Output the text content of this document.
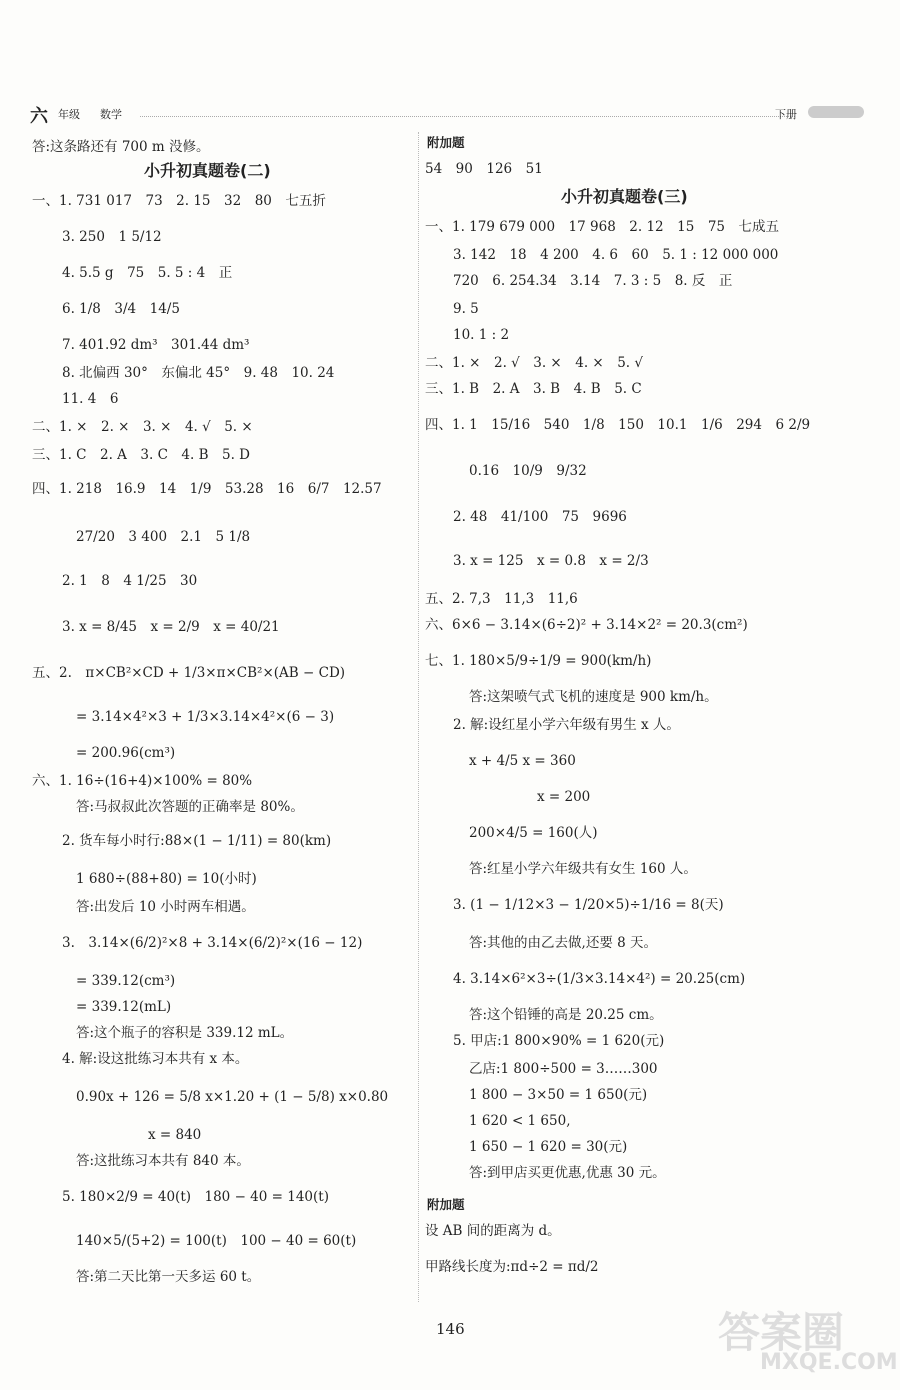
六 年级 数学	下册
答:这条路还有 700 m 没修。
小升初真题卷(二)
一、1. 731 017　73　2. 15　32　80　七五折
3. 250　1 5/12
4. 5.5 g　75　5. 5 : 4　正
6. 1/8　3/4　14/5
7. 401.92 dm³　301.44 dm³
8. 北偏西 30°　东偏北 45°　9. 48　10. 24
11. 4　6
二、1. ×　2. ×　3. ×　4. √　5. ×
三、1. C　2. A　3. C　4. B　5. D
四、1. 218　16.9　14　1/9　53.28　16　6/7　12.57
27/20　3 400　2.1　5 1/8
2. 1　8　4 1/25　30
3. x = 8/45　x = 2/9　x = 40/21
五、2.　π×CB²×CD + 1/3×π×CB²×(AB − CD)
= 3.14×4²×3 + 1/3×3.14×4²×(6 − 3)
= 200.96(cm³)
六、1. 16÷(16+4)×100% = 80%
答:马叔叔此次答题的正确率是 80%。
2. 货车每小时行:88×(1 − 1/11) = 80(km)
1 680÷(88+80) = 10(小时)
答:出发后 10 小时两车相遇。
3.　3.14×(6/2)²×8 + 3.14×(6/2)²×(16 − 12)
= 339.12(cm³)
= 339.12(mL)
答:这个瓶子的容积是 339.12 mL。
4. 解:设这批练习本共有 x 本。
0.90x + 126 = 5/8 x×1.20 + (1 − 5/8) x×0.80
x = 840
答:这批练习本共有 840 本。
5. 180×2/9 = 40(t)　180 − 40 = 140(t)
140×5/(5+2) = 100(t)　100 − 40 = 60(t)
答:第二天比第一天多运 60 t。
附加题
54　90　126　51
小升初真题卷(三)
一、1. 179 679 000　17 968　2. 12　15　75　七成五
3. 142　18　4 200　4. 6　60　5. 1 : 12 000 000
720　6. 254.34　3.14　7. 3 : 5　8. 反　正
9. 5
10. 1 : 2
二、1. ×　2. √　3. ×　4. ×　5. √
三、1. B　2. A　3. B　4. B　5. C
四、1. 1　15/16　540　1/8　150　10.1　1/6　294　6 2/9
0.16　10/9　9/32
2. 48　41/100　75　9696
3. x = 125　x = 0.8　x = 2/3
五、2. 7,3　11,3　11,6
六、6×6 − 3.14×(6÷2)² + 3.14×2² = 20.3(cm²)
七、1. 180×5/9÷1/9 = 900(km/h)
答:这架喷气式飞机的速度是 900 km/h。
2. 解:设红星小学六年级有男生 x 人。
x + 4/5 x = 360
x = 200
200×4/5 = 160(人)
答:红星小学六年级共有女生 160 人。
3. (1 − 1/12×3 − 1/20×5)÷1/16 = 8(天)
答:其他的由乙去做,还要 8 天。
4. 3.14×6²×3÷(1/3×3.14×4²) = 20.25(cm)
答:这个铅锤的高是 20.25 cm。
5. 甲店:1 800×90% = 1 620(元)
乙店:1 800÷500 = 3……300
1 800 − 3×50 = 1 650(元)
1 620 < 1 650,
1 650 − 1 620 = 30(元)
答:到甲店买更优惠,优惠 30 元。
附加题
设 AB 间的距离为 d。
甲路线长度为:πd÷2 = πd/2
146	答案圈
MXQE.COM
